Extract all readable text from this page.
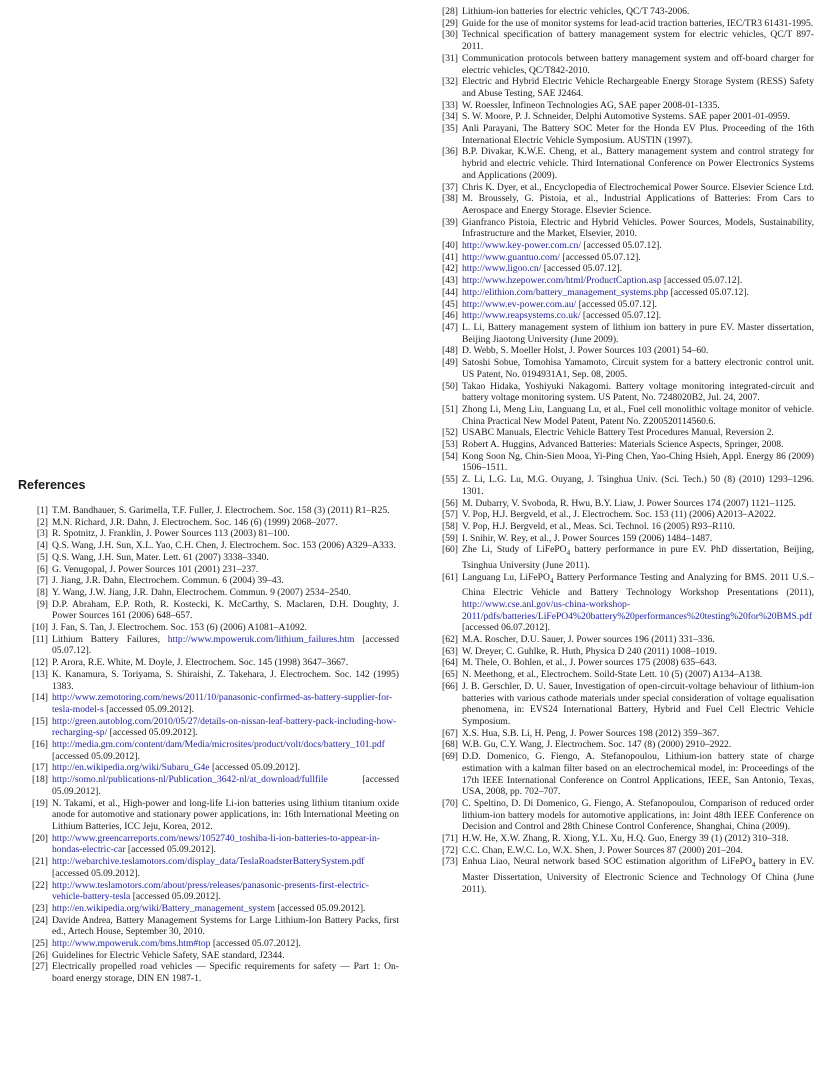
References
[1] T.M. Bandhauer, S. Garimella, T.F. Fuller, J. Electrochem. Soc. 158 (3) (2011) R1–R25.
[2] M.N. Richard, J.R. Dahn, J. Electrochem. Soc. 146 (6) (1999) 2068–2077.
[3] R. Spotnitz, J. Franklin, J. Power Sources 113 (2003) 81–100.
[4] Q.S. Wang, J.H. Sun, X.L. Yao, C.H. Chen, J. Electrochem. Soc. 153 (2006) A329–A333.
[5] Q.S. Wang, J.H. Sun, Mater. Lett. 61 (2007) 3338–3340.
[6] G. Venugopal, J. Power Sources 101 (2001) 231–237.
[7] J. Jiang, J.R. Dahn, Electrochem. Commun. 6 (2004) 39–43.
[8] Y. Wang, J.W. Jiang, J.R. Dahn, Electrochem. Commun. 9 (2007) 2534–2540.
[9] D.P. Abraham, E.P. Roth, R. Kostecki, K. McCarthy, S. Maclaren, D.H. Doughty, J. Power Sources 161 (2006) 648–657.
[10] J. Fan, S. Tan, J. Electrochem. Soc. 153 (6) (2006) A1081–A1092.
[11] Lithium Battery Failures, http://www.mpoweruk.com/lithium_failures.htm [accessed 05.07.12].
[12] P. Arora, R.E. White, M. Doyle, J. Electrochem. Soc. 145 (1998) 3647–3667.
[13] K. Kanamura, S. Toriyama, S. Shiraishi, Z. Takehara, J. Electrochem. Soc. 142 (1995) 1383.
[14] http://www.zemotoring.com/news/2011/10/panasonic-confirmed-as-battery-supplier-for-tesla-model-s [accessed 05.09.2012].
[15] http://green.autoblog.com/2010/05/27/details-on-nissan-leaf-battery-pack-including-how-recharging-sp/ [accessed 05.09.2012].
[16] http://media.gm.com/content/dam/Media/microsites/product/volt/docs/battery_101.pdf [accessed 05.09.2012].
[17] http://en.wikipedia.org/wiki/Subaru_G4e [accessed 05.09.2012].
[18] http://somo.nl/publications-nl/Publication_3642-nl/at_download/fullfile [accessed 05.09.2012].
[19] N. Takami, et al., High-power and long-life Li-ion batteries using lithium titanium oxide anode for automotive and stationary power applications, in: 16th International Meeting on Lithium Batteries, ICC Jeju, Korea, 2012.
[20] http://www.greencarreports.com/news/1052740_toshiba-li-ion-batteries-to-appear-in-hondas-electric-car [accessed 05.09.2012].
[21] http://webarchive.teslamotors.com/display_data/TeslaRoadsterBatterySystem.pdf [accessed 05.09.2012].
[22] http://www.teslamotors.com/about/press/releases/panasonic-presents-first-electric-vehicle-battery-tesla [accessed 05.09.2012].
[23] http://en.wikipedia.org/wiki/Battery_management_system [accessed 05.09.2012].
[24] Davide Andrea, Battery Management Systems for Large Lithium-Ion Battery Packs, first ed., Artech House, September 30, 2010.
[25] http://www.mpoweruk.com/bms.htm#top [accessed 05.07.2012].
[26] Guidelines for Electric Vehicle Safety, SAE standard, J2344.
[27] Electrically propelled road vehicles — Specific requirements for safety — Part 1: On-board energy storage, DIN EN 1987-1.
[28] Lithium-ion batteries for electric vehicles, QC/T 743-2006.
[29] Guide for the use of monitor systems for lead-acid traction batteries, IEC/TR3 61431-1995.
[30] Technical specification of battery management system for electric vehicles, QC/T 897-2011.
[31] Communication protocols between battery management system and off-board charger for electric vehicles, QC/T842-2010.
[32] Electric and Hybrid Electric Vehicle Rechargeable Energy Storage System (RESS) Safety and Abuse Testing, SAE J2464.
[33] W. Roessler, Infineon Technologies AG, SAE paper 2008-01-1335.
[34] S. W. Moore, P. J. Schneider, Delphi Automotive Systems. SAE paper 2001-01-0959.
[35] Anli Parayani, The Battery SOC Meter for the Honda EV Plus. Proceeding of the 16th International Electric Vehicle Symposium. AUSTIN (1997).
[36] B.P. Divakar, K.W.E. Cheng, et al., Battery management system and control strategy for hybrid and electric vehicle. Third International Conference on Power Electronics Systems and Applications (2009).
[37] Chris K. Dyer, et al., Encyclopedia of Electrochemical Power Source. Elsevier Science Ltd.
[38] M. Broussely, G. Pistoia, et al., Industrial Applications of Batteries: From Cars to Aerospace and Energy Storage. Elsevier Science.
[39] Gianfranco Pistoia, Electric and Hybrid Vehicles. Power Sources, Models, Sustainability, Infrastructure and the Market, Elsevier, 2010.
[40] http://www.key-power.com.cn/ [accessed 05.07.12].
[41] http://www.guantuo.com/ [accessed 05.07.12].
[42] http://www.ligoo.cn/ [accessed 05.07.12].
[43] http://www.hzepower.com/html/ProductCaption.asp [accessed 05.07.12].
[44] http://elithion.com/battery_management_systems.php [accessed 05.07.12].
[45] http://www.ev-power.com.au/ [accessed 05.07.12].
[46] http://www.reapsystems.co.uk/ [accessed 05.07.12].
[47] L. Li, Battery management system of lithium ion battery in pure EV. Master dissertation, Beijing Jiaotong University (June 2009).
[48] D. Webb, S. Moeller Holst, J. Power Sources 103 (2001) 54–60.
[49] Satoshi Sobue, Tomohisa Yamamoto, Circuit system for a battery electronic control unit. US Patent, No. 0194931A1, Sep. 08, 2005.
[50] Takao Hidaka, Yoshiyuki Nakagomi. Battery voltage monitoring integrated-circuit and battery voltage monitoring system. US Patent, No. 7248020B2, Jul. 24, 2007.
[51] Zhong Li, Meng Liu, Languang Lu, et al., Fuel cell monolithic voltage monitor of vehicle. China Practical New Model Patent, Patent No. Z200520114560.6.
[52] USABC Manuals, Electric Vehicle Battery Test Procedures Manual, Reversion 2.
[53] Robert A. Huggins, Advanced Batteries: Materials Science Aspects, Springer, 2008.
[54] Kong Soon Ng, Chin-Sien Mooa, Yi-Ping Chen, Yao-Ching Hsieh, Appl. Energy 86 (2009) 1506–1511.
[55] Z. Li, L.G. Lu, M.G. Ouyang, J. Tsinghua Univ. (Sci. Tech.) 50 (8) (2010) 1293–1296. 1301.
[56] M. Dubarry, V. Svoboda, R. Hwu, B.Y. Liaw, J. Power Sources 174 (2007) 1121–1125.
[57] V. Pop, H.J. Bergveld, et al., J. Electrochem. Soc. 153 (11) (2006) A2013–A2022.
[58] V. Pop, H.J. Bergveld, et al., Meas. Sci. Technol. 16 (2005) R93–R110.
[59] I. Snihir, W. Rey, et al., J. Power Sources 159 (2006) 1484–1487.
[60] Zhe Li, Study of LiFePO$_4$ battery performance in pure EV. PhD dissertation, Beijing, Tsinghua University (June 2011).
[61] Languang Lu, LiFePO$_4$ Battery Performance Testing and Analyzing for BMS. 2011 U.S.–China Electric Vehicle and Battery Technology Workshop Presentations (2011), http://www.cse.anl.gov/us-china-workshop-2011/pdfs/batteries/LiFePO4%20battery%20performances%20testing%20for%20BMS.pdf [accessed 06.07.2012].
[62] M.A. Roscher, D.U. Sauer, J. Power sources 196 (2011) 331–336.
[63] W. Dreyer, C. Guhlke, R. Huth, Physica D 240 (2011) 1008–1019.
[64] M. Thele, O. Bohlen, et al., J. Power sources 175 (2008) 635–643.
[65] N. Meethong, et al., Electrochem. Soild-State Lett. 10 (5) (2007) A134–A138.
[66] J. B. Gerschler, D. U. Sauer, Investigation of open-circuit-voltage behaviour of lithium-ion batteries with various cathode materials under special consideration of voltage equalisation phenomena, in: EVS24 International Battery, Hybrid and Fuel Cell Electric Vehicle Symposium.
[67] X.S. Hua, S.B. Li, H. Peng, J. Power Sources 198 (2012) 359–367.
[68] W.B. Gu, C.Y. Wang, J. Electrochem. Soc. 147 (8) (2000) 2910–2922.
[69] D.D. Domenico, G. Fiengo, A. Stefanopoulou, Lithium-ion battery state of charge estimation with a kalman filter based on an electrochemical model, in: Proceedings of the 17th IEEE International Conference on Control Applications, IEEE, San Antonio, Texas, USA, 2008, pp. 702–707.
[70] C. Speltino, D. Di Domenico, G. Fiengo, A. Stefanopoulou, Comparison of reduced order lithium-ion battery models for automotive applications, in: Joint 48th IEEE Conference on Decision and Control and 28th Chinese Control Conference, Shanghai, China (2009).
[71] H.W. He, X.W. Zhang, R. Xiong, Y.L. Xu, H.Q. Guo, Energy 39 (1) (2012) 310–318.
[72] C.C. Chan, E.W.C. Lo, W.X. Shen, J. Power Sources 87 (2000) 201–204.
[73] Enhua Liao, Neural network based SOC estimation algorithm of LiFePO$_4$ battery in EV. Master Dissertation, University of Electronic Science and Technology Of China (June 2011).
